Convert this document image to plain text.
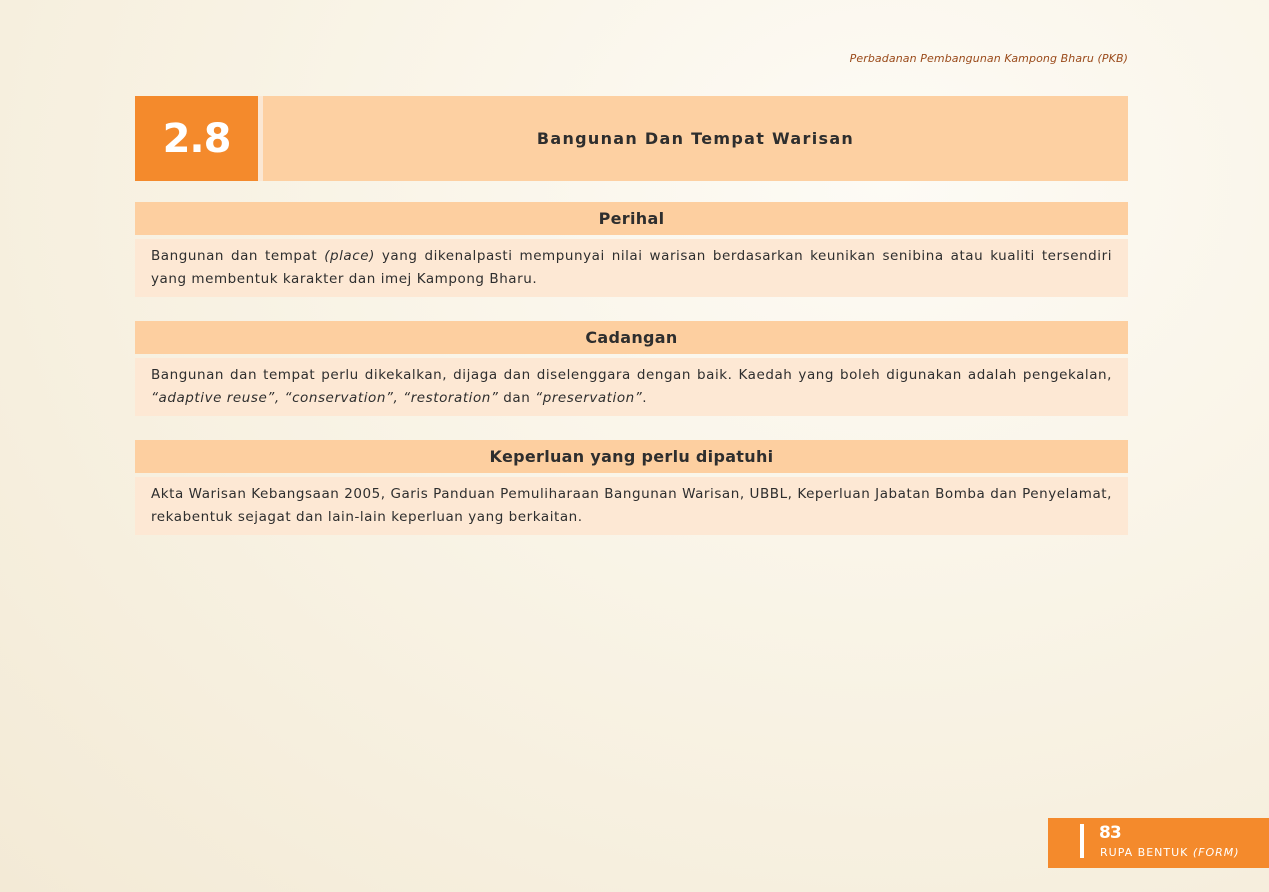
Perbadanan Pembangunan Kampong Bharu (PKB)
2.8	Bangunan Dan Tempat Warisan
Perihal
Bangunan dan tempat (place) yang dikenalpasti mempunyai nilai warisan berdasarkan keunikan senibina atau kualiti tersendiri yang membentuk karakter dan imej Kampong Bharu.
Cadangan
Bangunan dan tempat perlu dikekalkan, dijaga dan diselenggara dengan baik. Kaedah yang boleh digunakan adalah pengekalan, “adaptive reuse”, “conservation”, “restoration” dan “preservation”.
Keperluan yang perlu dipatuhi
Akta Warisan Kebangsaan 2005, Garis Panduan Pemuliharaan Bangunan Warisan, UBBL, Keperluan Jabatan Bomba dan Penyelamat, rekabentuk sejagat dan lain-lain keperluan yang berkaitan.
83
RUPA BENTUK (FORM)
